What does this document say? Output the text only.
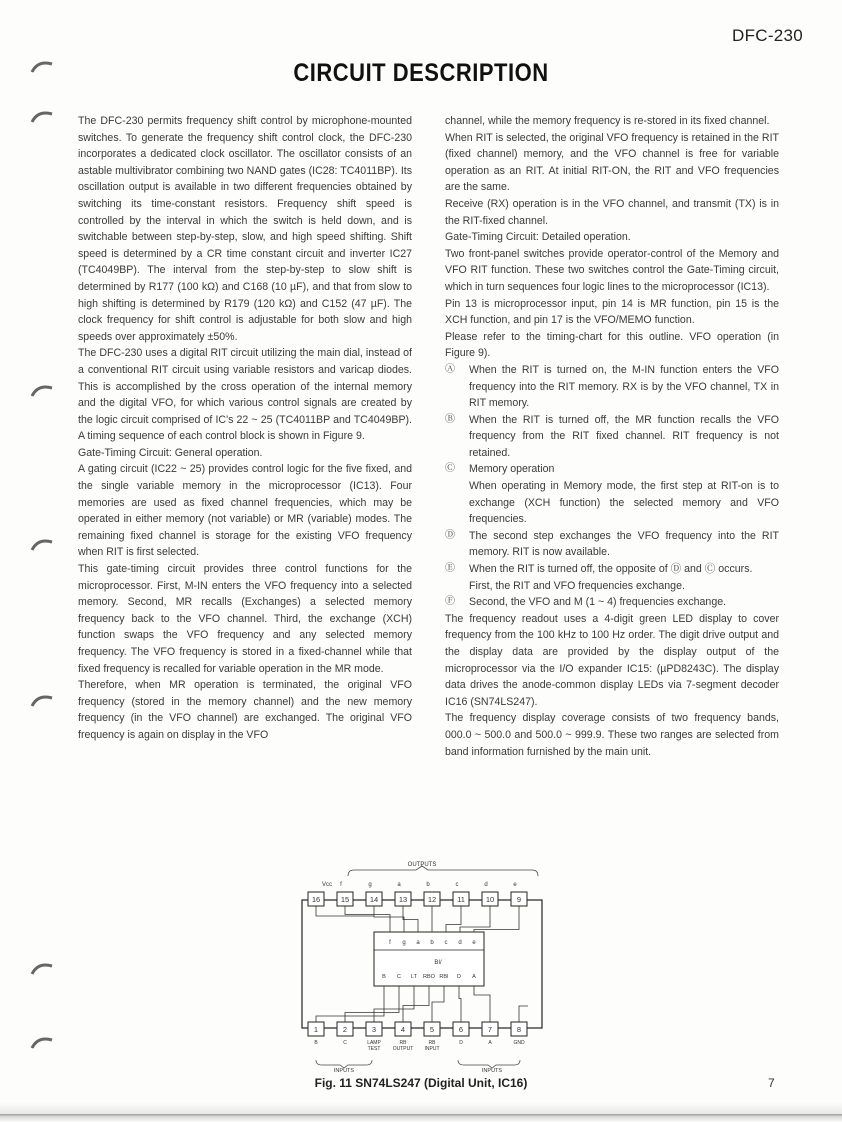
DFC-230
CIRCUIT DESCRIPTION

The DFC-230 permits frequency shift control by microphone-mounted switches. To generate the frequency shift control clock, the DFC-230 incorporates a dedicated clock oscillator. The oscillator consists of an astable multivibrator combining two NAND gates (IC28: TC4011BP). Its oscillation output is available in two different frequencies obtained by switching its time-constant resistors. Frequency shift speed is controlled by the interval in which the switch is held down, and is switchable between step-by-step, slow, and high speed shifting. Shift speed is determined by a CR time constant circuit and inverter IC27 (TC4049BP). The interval from the step-by-step to slow shift is determined by R177 (100 kΩ) and C168 (10 µF), and that from slow to high shifting is determined by R179 (120 kΩ) and C152 (47 µF). The clock frequency for shift control is adjustable for both slow and high speeds over approximately ±50%.

The DFC-230 uses a digital RIT circuit utilizing the main dial, instead of a conventional RIT circuit using variable resistors and varicap diodes. This is accomplished by the cross operation of the internal memory and the digital VFO, for which various control signals are created by the logic circuit comprised of IC's 22 ~ 25 (TC4011BP and TC4049BP). A timing sequence of each control block is shown in Figure 9.

Gate-Timing Circuit: General operation.

A gating circuit (IC22 ~ 25) provides control logic for the five fixed, and the single variable memory in the microprocessor (IC13). Four memories are used as fixed channel frequencies, which may be operated in either memory (not variable) or MR (variable) modes. The remaining fixed channel is storage for the existing VFO frequency when RIT is first selected.

This gate-timing circuit provides three control functions for the microprocessor. First, M-IN enters the VFO frequency into a selected memory. Second, MR recalls (Exchanges) a selected memory frequency back to the VFO channel. Third, the exchange (XCH) function swaps the VFO frequency and any selected memory frequency. The VFO frequency is stored in a fixed-channel while that fixed frequency is recalled for variable operation in the MR mode.

Therefore, when MR operation is terminated, the original VFO frequency (stored in the memory channel) and the new memory frequency (in the VFO channel) are exchanged. The original VFO frequency is again on display in the VFO

channel, while the memory frequency is re-stored in its fixed channel.

When RIT is selected, the original VFO frequency is retained in the RIT (fixed channel) memory, and the VFO channel is free for variable operation as an RIT. At initial RIT-ON, the RIT and VFO frequencies are the same.

Receive (RX) operation is in the VFO channel, and transmit (TX) is in the RIT-fixed channel.

Gate-Timing Circuit: Detailed operation.

Two front-panel switches provide operator-control of the Memory and VFO RIT function. These two switches control the Gate-Timing circuit, which in turn sequences four logic lines to the microprocessor (IC13).

Pin 13 is microprocessor input, pin 14 is MR function, pin 15 is the XCH function, and pin 17 is the VFO/MEMO function.

Please refer to the timing-chart for this outline. VFO operation (in Figure 9).

Ⓐ	When the RIT is turned on, the M-IN function enters the VFO frequency into the RIT memory. RX is by the VFO channel, TX in RIT memory.
Ⓑ	When the RIT is turned off, the MR function recalls the VFO frequency from the RIT fixed channel. RIT frequency is not retained.
Ⓒ	Memory operation

When operating in Memory mode, the first step at RIT-on is to exchange (XCH function) the selected memory and VFO frequencies.

Ⓓ	The second step exchanges the VFO frequency into the RIT memory. RIT is now available.
Ⓔ	When the RIT is turned off, the opposite of Ⓓ and Ⓒ occurs.

First, the RIT and VFO frequencies exchange.

Ⓕ	Second, the VFO and M (1 ~ 4) frequencies exchange.

The frequency readout uses a 4-digit green LED display to cover frequency from the 100 kHz to 100 Hz order. The digit drive output and the display data are provided by the display output of the microprocessor via the I/O expander IC15: (µPD8243C). The display data drives the anode-common display LEDs via 7-segment decoder IC16 (SN74LS247).

The frequency display coverage consists of two frequency bands, 000.0 ~ 500.0 and 500.0 ~ 999.9. These two ranges are selected from band information furnished by the main unit.

OUTPUTS
Vcc f	g	a	b	c	d	e
16	15	14	13	12	11	10	9
1	2	3	4	5	6	7	8
f g a b c d e
BI/
B C LT RBO RBI D A
B	C	LAMP TEST
RB OUTPUT
RB INPUT
D	A	GND
INPUTS	INPUTS
Fig. 11 SN74LS247 (Digital Unit, IC16)	7
